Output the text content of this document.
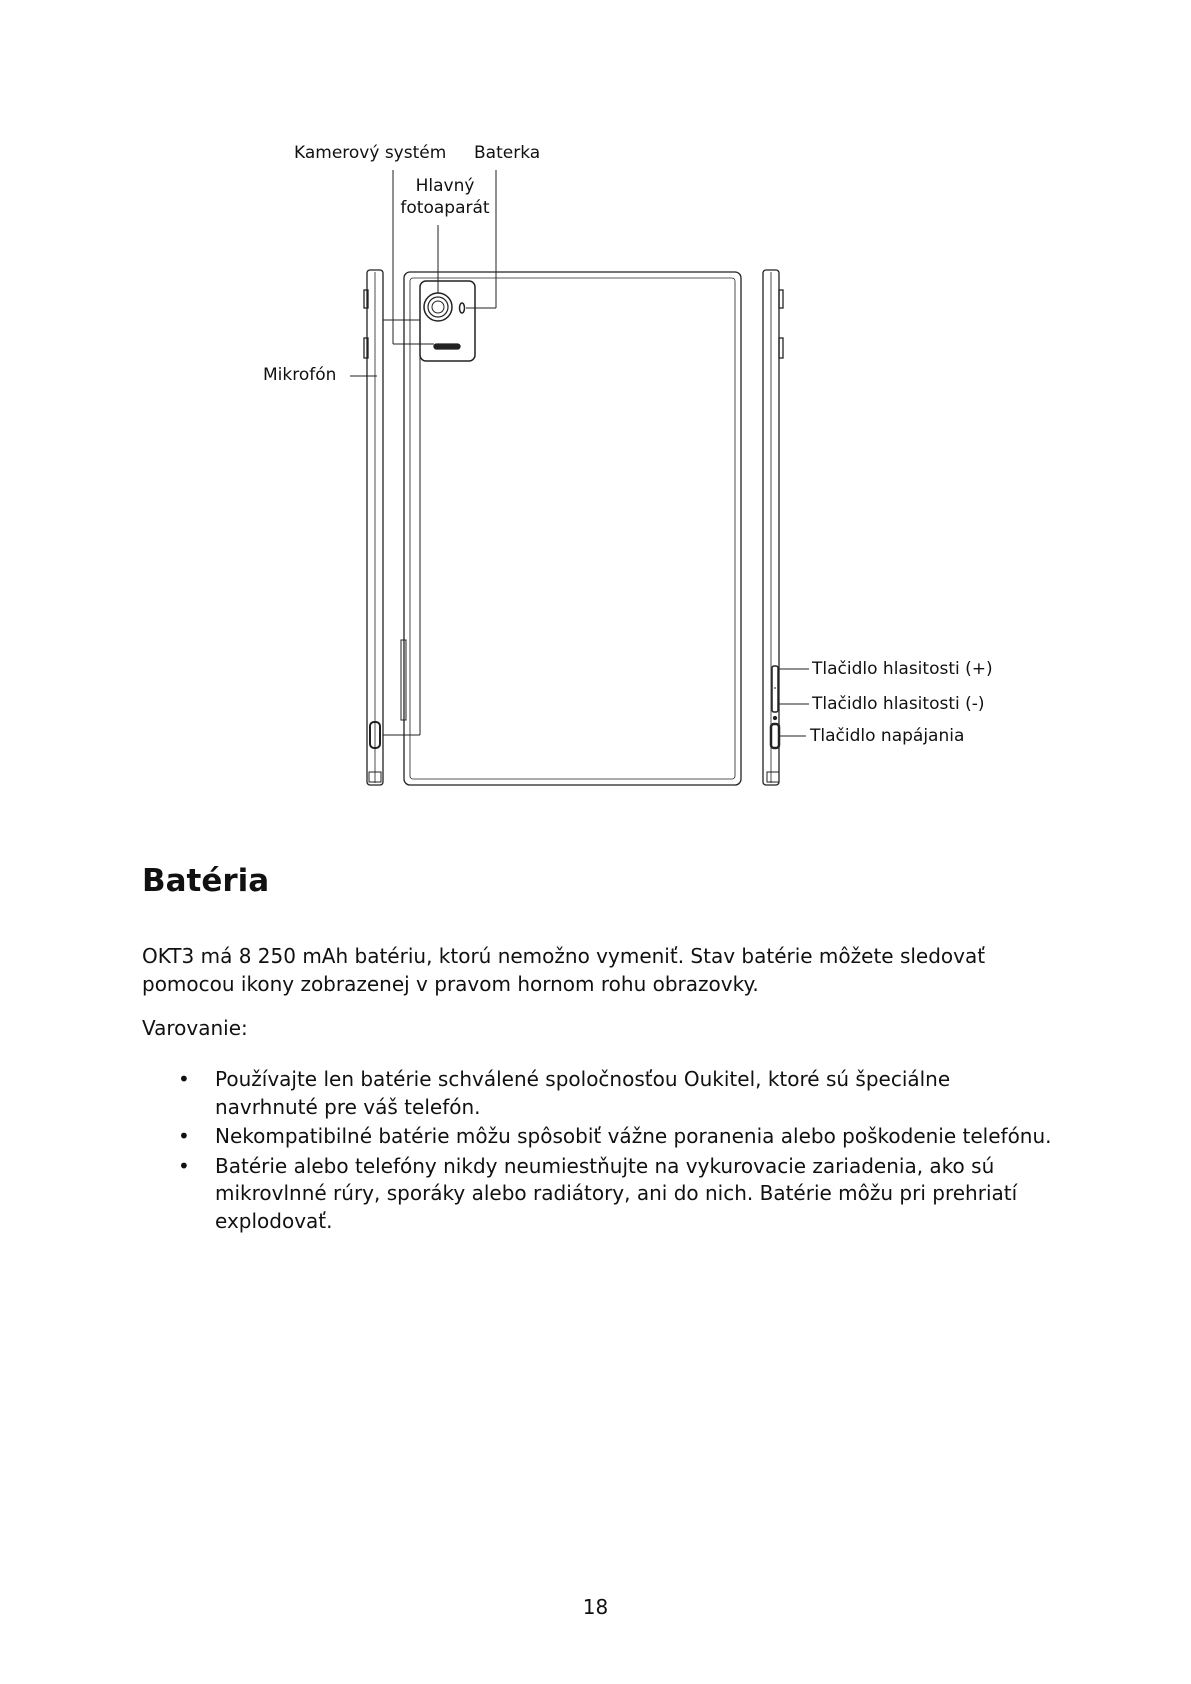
Kamerový systém Baterka
Hlavný
fotoaparát
Mikrofón
Tlačidlo hlasitosti (+)
Tlačidlo hlasitosti (-)
Tlačidlo napájania
Batéria

OKT3 má 8 250 mAh batériu, ktorú nemožno vymeniť. Stav batérie môžete sledovať
pomocou ikony zobrazenej v pravom hornom rohu obrazovky.

Varovanie:

• Používajte len batérie schválené spoločnosťou Oukitel, ktoré sú špeciálne
navrhnuté pre váš telefón.
• Nekompatibilné batérie môžu spôsobiť vážne poranenia alebo poškodenie telefónu.
• Batérie alebo telefóny nikdy neumiestňujte na vykurovacie zariadenia, ako sú
mikrovlnné rúry, sporáky alebo radiátory, ani do nich. Batérie môžu pri prehriatí
explodovať.
18
